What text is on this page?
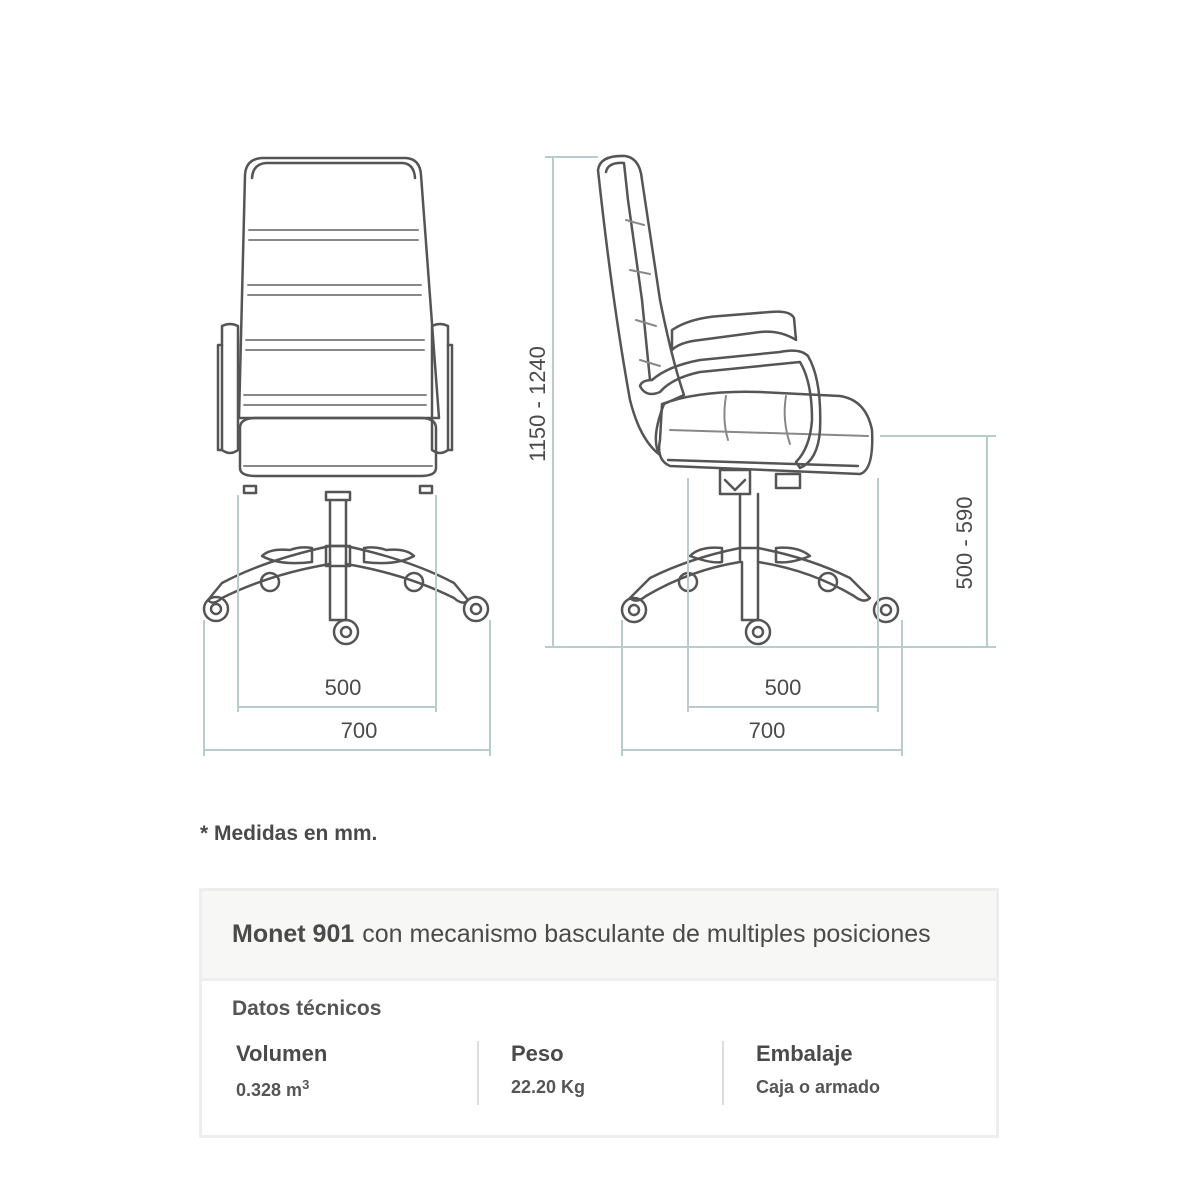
500
700
1150 - 1240
500 - 590
500
700
* Medidas en mm.
Monet 901 con mecanismo basculante de multiples posiciones
Datos técnicos
Volumen
0.328 $m^3$
Peso
22.20 Kg
Embalaje
Caja o armado
